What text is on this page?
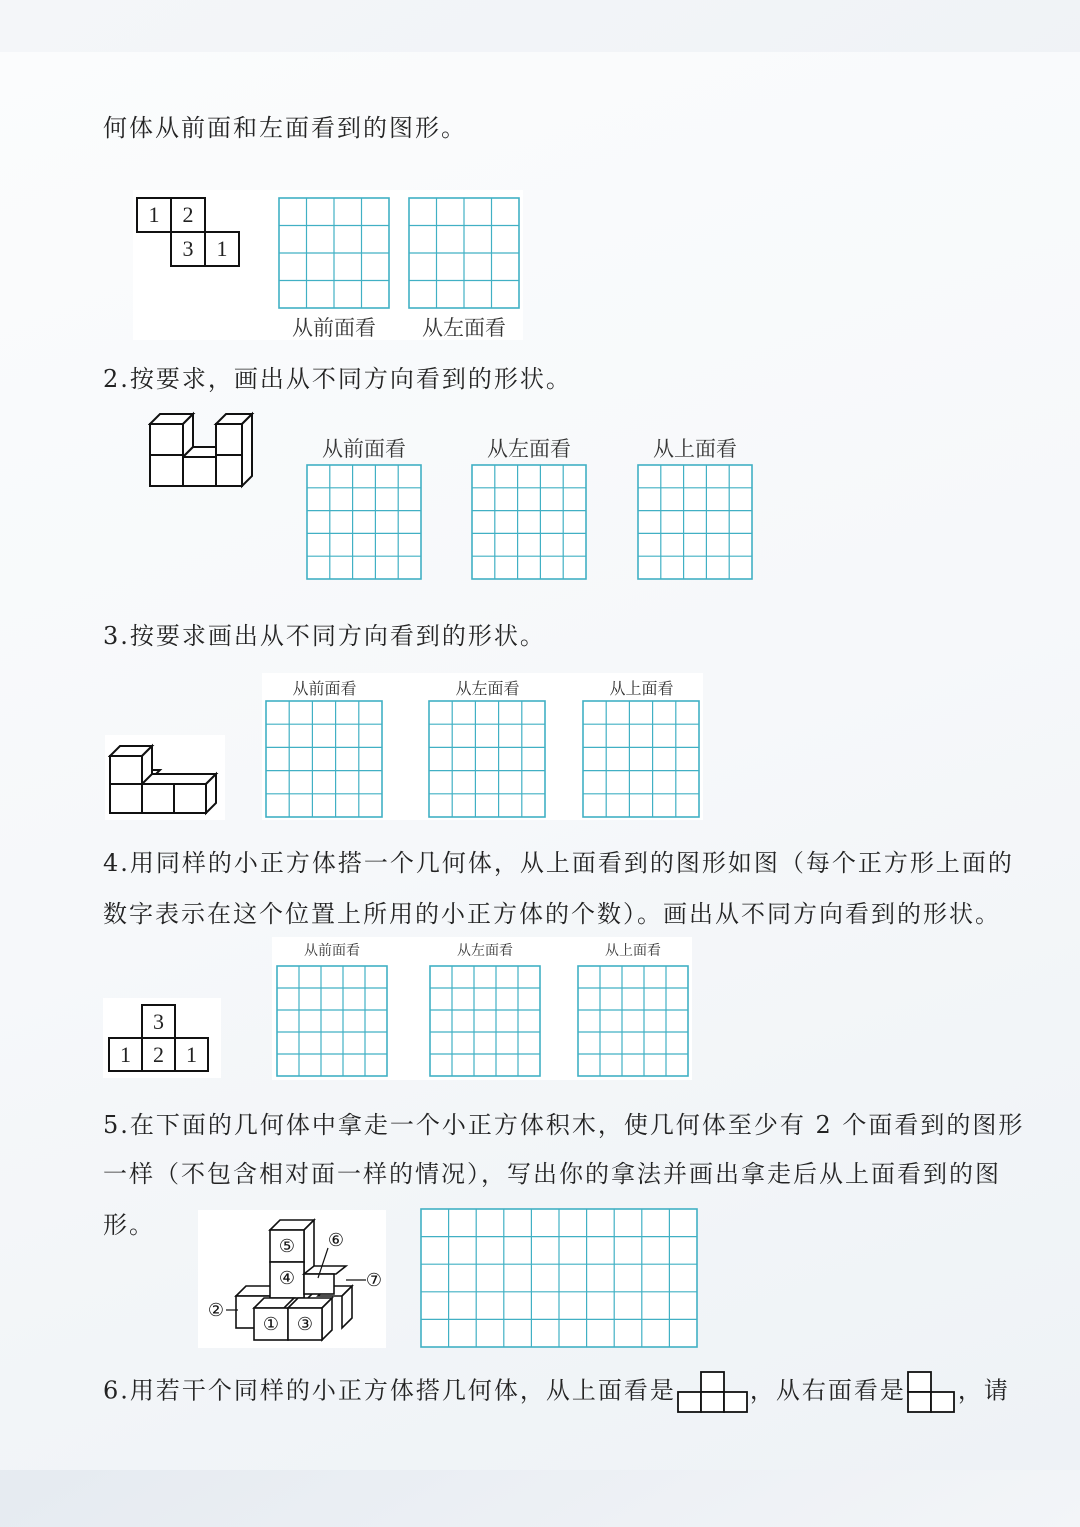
何体从前面和左面看到的图形。
1	2
3	1
从前面看	从左面看
2.按要求，画出从不同方向看到的形状。
从前面看	从左面看	从上面看
3.按要求画出从不同方向看到的形状。
从前面看	从左面看	从上面看
4.用同样的小正方体搭一个几何体，从上面看到的图形如图（每个正方形上面的
数字表示在这个位置上所用的小正方体的个数）。画出从不同方向看到的形状。
3
1	2	1
从前面看	从左面看	从上面看
5.在下面的几何体中拿走一个小正方体积木，使几何体至少有 2 个面看到的图形
一样（不包含相对面一样的情况），写出你的拿法并画出拿走后从上面看到的图
形。
①
②
③
④
⑤ ⑥
⑦
6.用若干个同样的小正方体搭几何体，从上面看是	，从右面看是 ，请
